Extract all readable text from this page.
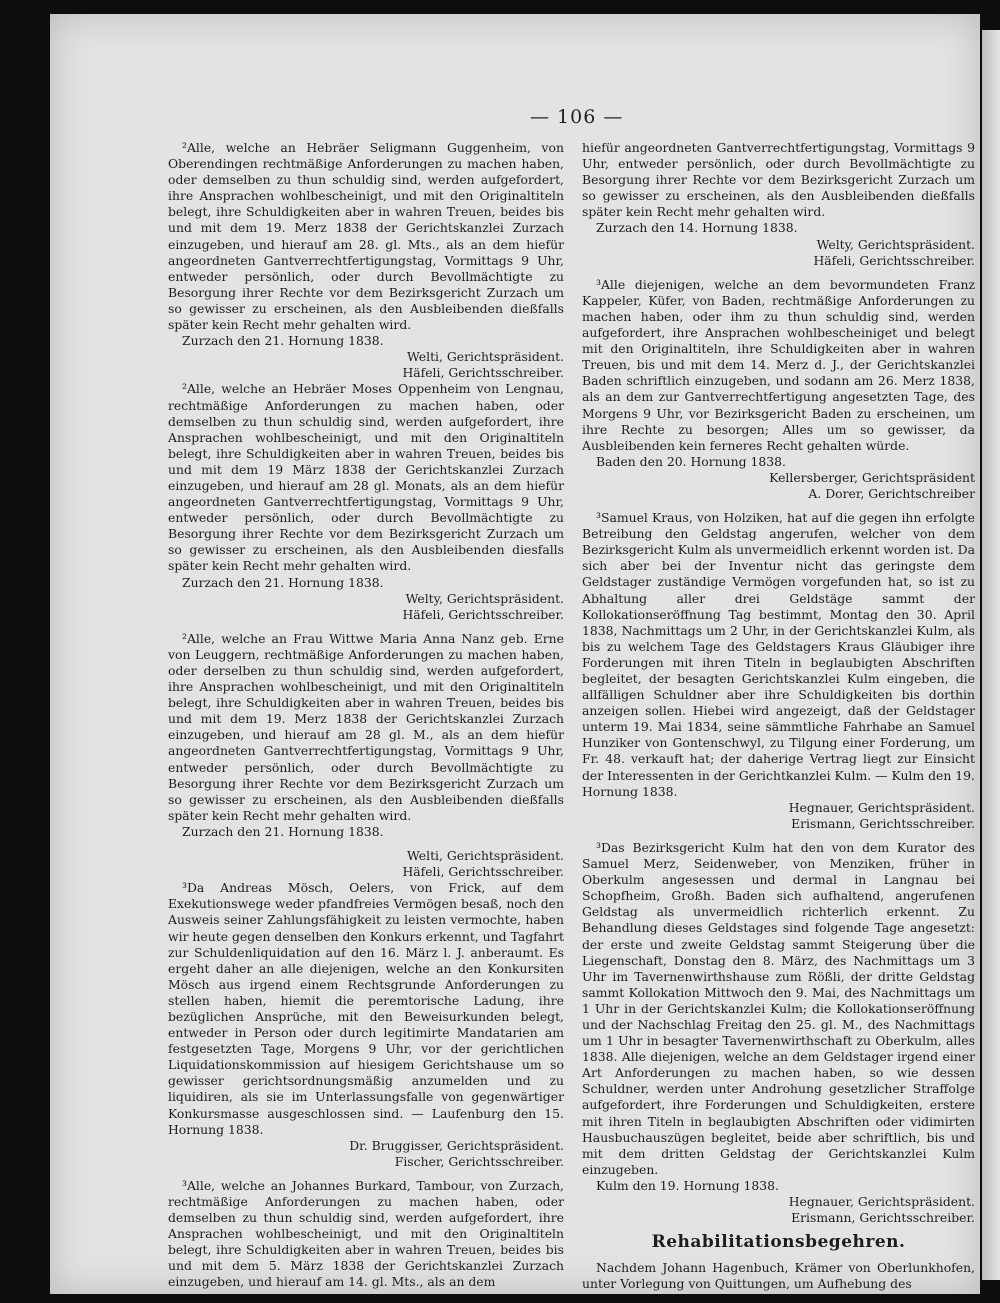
— 106 —

²Alle, welche an Hebräer Seligmann Guggenheim, von Oberendingen rechtmäßige Anforderungen zu machen haben, oder demselben zu thun schuldig sind, werden aufgefordert, ihre Ansprachen wohlbescheinigt, und mit den Originaltiteln belegt, ihre Schuldigkeiten aber in wahren Treuen, beides bis und mit dem 19. Merz 1838 der Gerichtskanzlei Zurzach einzugeben, und hierauf am 28. gl. Mts., als an dem hiefür angeordneten Gantverrechtfertigungstag, Vormittags 9 Uhr, entweder persönlich, oder durch Bevollmächtigte zu Besorgung ihrer Rechte vor dem Bezirksgericht Zurzach um so gewisser zu erscheinen, als den Ausbleibenden dießfalls später kein Recht mehr gehalten wird.

Zurzach den 21. Hornung 1838.

Welti, Gerichtspräsident.

Häfeli, Gerichtsschreiber.

²Alle, welche an Hebräer Moses Oppenheim von Lengnau, rechtmäßige Anforderungen zu machen haben, oder demselben zu thun schuldig sind, werden aufgefordert, ihre Ansprachen wohlbescheinigt, und mit den Originaltiteln belegt, ihre Schuldigkeiten aber in wahren Treuen, beides bis und mit dem 19 März 1838 der Gerichtskanzlei Zurzach einzugeben, und hierauf am 28 gl. Monats, als an dem hiefür angeordneten Gantverrechtfertigungstag, Vormittags 9 Uhr, entweder persönlich, oder durch Bevollmächtigte zu Besorgung ihrer Rechte vor dem Bezirksgericht Zurzach um so gewisser zu erscheinen, als den Ausbleibenden diesfalls später kein Recht mehr gehalten wird.

Zurzach den 21. Hornung 1838.

Welty, Gerichtspräsident.

Häfeli, Gerichtsschreiber.

²Alle, welche an Frau Wittwe Maria Anna Nanz geb. Erne von Leuggern, rechtmäßige Anforderungen zu machen haben, oder derselben zu thun schuldig sind, werden aufgefordert, ihre Ansprachen wohlbescheinigt, und mit den Originaltiteln belegt, ihre Schuldigkeiten aber in wahren Treuen, beides bis und mit dem 19. Merz 1838 der Gerichtskanzlei Zurzach einzugeben, und hierauf am 28 gl. M., als an dem hiefür angeordneten Gantverrechtfertigungstag, Vormittags 9 Uhr, entweder persönlich, oder durch Bevollmächtigte zu Besorgung ihrer Rechte vor dem Bezirksgericht Zurzach um so gewisser zu erscheinen, als den Ausbleibenden dießfalls später kein Recht mehr gehalten wird.

Zurzach den 21. Hornung 1838.

Welti, Gerichtspräsident.

Häfeli, Gerichtsschreiber.

³Da Andreas Mösch, Oelers, von Frick, auf dem Exekutionswege weder pfandfreies Vermögen besaß, noch den Ausweis seiner Zahlungsfähigkeit zu leisten vermochte, haben wir heute gegen denselben den Konkurs erkennt, und Tagfahrt zur Schuldenliquidation auf den 16. März l. J. anberaumt. Es ergeht daher an alle diejenigen, welche an den Konkursiten Mösch aus irgend einem Rechtsgrunde Anforderungen zu stellen haben, hiemit die peremtorische Ladung, ihre bezüglichen Ansprüche, mit den Beweisurkunden belegt, entweder in Person oder durch legitimirte Mandatarien am festgesetzten Tage, Morgens 9 Uhr, vor der gerichtlichen Liquidationskommission auf hiesigem Gerichtshause um so gewisser gerichtsordnungsmäßig anzumelden und zu liquidiren, als sie im Unterlassungsfalle von gegenwärtiger Konkursmasse ausgeschlossen sind. — Laufenburg den 15. Hornung 1838.

Dr. Bruggisser, Gerichtspräsident.

Fischer, Gerichtsschreiber.

³Alle, welche an Johannes Burkard, Tambour, von Zurzach, rechtmäßige Anforderungen zu machen haben, oder demselben zu thun schuldig sind, werden aufgefordert, ihre Ansprachen wohlbescheinigt, und mit den Originaltiteln belegt, ihre Schuldigkeiten aber in wahren Treuen, beides bis und mit dem 5. März 1838 der Gerichtskanzlei Zurzach einzugeben, und hierauf am 14. gl. Mts., als an dem

hiefür angeordneten Gantverrechtfertigungstag, Vormittags 9 Uhr, entweder persönlich, oder durch Bevollmächtigte zu Besorgung ihrer Rechte vor dem Bezirksgericht Zurzach um so gewisser zu erscheinen, als den Ausbleibenden dießfalls später kein Recht mehr gehalten wird.

Zurzach den 14. Hornung 1838.

Welty, Gerichtspräsident.

Häfeli, Gerichtsschreiber.

³Alle diejenigen, welche an dem bevormundeten Franz Kappeler, Küfer, von Baden, rechtmäßige Anforderungen zu machen haben, oder ihm zu thun schuldig sind, werden aufgefordert, ihre Ansprachen wohlbescheiniget und belegt mit den Originaltiteln, ihre Schuldigkeiten aber in wahren Treuen, bis und mit dem 14. Merz d. J., der Gerichtskanzlei Baden schriftlich einzugeben, und sodann am 26. Merz 1838, als an dem zur Gantverrechtfertigung angesetzten Tage, des Morgens 9 Uhr, vor Bezirksgericht Baden zu erscheinen, um ihre Rechte zu besorgen; Alles um so gewisser, da Ausbleibenden kein ferneres Recht gehalten würde.

Baden den 20. Hornung 1838.

Kellersberger, Gerichtspräsident

A. Dorer, Gerichtschreiber

³Samuel Kraus, von Holziken, hat auf die gegen ihn erfolgte Betreibung den Geldstag angerufen, welcher von dem Bezirksgericht Kulm als unvermeidlich erkennt worden ist. Da sich aber bei der Inventur nicht das geringste dem Geldstager zuständige Vermögen vorgefunden hat, so ist zu Abhaltung aller drei Geldstäge sammt der Kollokationseröffnung Tag bestimmt, Montag den 30. April 1838, Nachmittags um 2 Uhr, in der Gerichtskanzlei Kulm, als bis zu welchem Tage des Geldstagers Kraus Gläubiger ihre Forderungen mit ihren Titeln in beglaubigten Abschriften begleitet, der besagten Gerichtskanzlei Kulm eingeben, die allfälligen Schuldner aber ihre Schuldigkeiten bis dorthin anzeigen sollen. Hiebei wird angezeigt, daß der Geldstager unterm 19. Mai 1834, seine sämmtliche Fahrhabe an Samuel Hunziker von Gontenschwyl, zu Tilgung einer Forderung, um Fr. 48. verkauft hat; der daherige Vertrag liegt zur Einsicht der Interessenten in der Gerichtkanzlei Kulm. — Kulm den 19. Hornung 1838.

Hegnauer, Gerichtspräsident.

Erismann, Gerichtsschreiber.

³Das Bezirksgericht Kulm hat den von dem Kurator des Samuel Merz, Seidenweber, von Menziken, früher in Oberkulm angesessen und dermal in Langnau bei Schopfheim, Großh. Baden sich aufhaltend, angerufenen Geldstag als unvermeidlich richterlich erkennt. Zu Behandlung dieses Geldstages sind folgende Tage angesetzt: der erste und zweite Geldstag sammt Steigerung über die Liegenschaft, Donstag den 8. März, des Nachmittags um 3 Uhr im Tavernenwirthshause zum Rößli, der dritte Geldstag sammt Kollokation Mittwoch den 9. Mai, des Nachmittags um 1 Uhr in der Gerichtskanzlei Kulm; die Kollokationseröffnung und der Nachschlag Freitag den 25. gl. M., des Nachmittags um 1 Uhr in besagter Tavernenwirthschaft zu Oberkulm, alles 1838. Alle diejenigen, welche an dem Geldstager irgend einer Art Anforderungen zu machen haben, so wie dessen Schuldner, werden unter Androhung gesetzlicher Straffolge aufgefordert, ihre Forderungen und Schuldigkeiten, erstere mit ihren Titeln in beglaubigten Abschriften oder vidimirten Hausbuchauszügen begleitet, beide aber schriftlich, bis und mit dem dritten Geldstag der Gerichtskanzlei Kulm einzugeben.

Kulm den 19. Hornung 1838.

Hegnauer, Gerichtspräsident.

Erismann, Gerichtsschreiber.

Rehabilitationsbegehren.

Nachdem Johann Hagenbuch, Krämer von Oberlunkhofen, unter Vorlegung von Quittungen, um Aufhebung des
